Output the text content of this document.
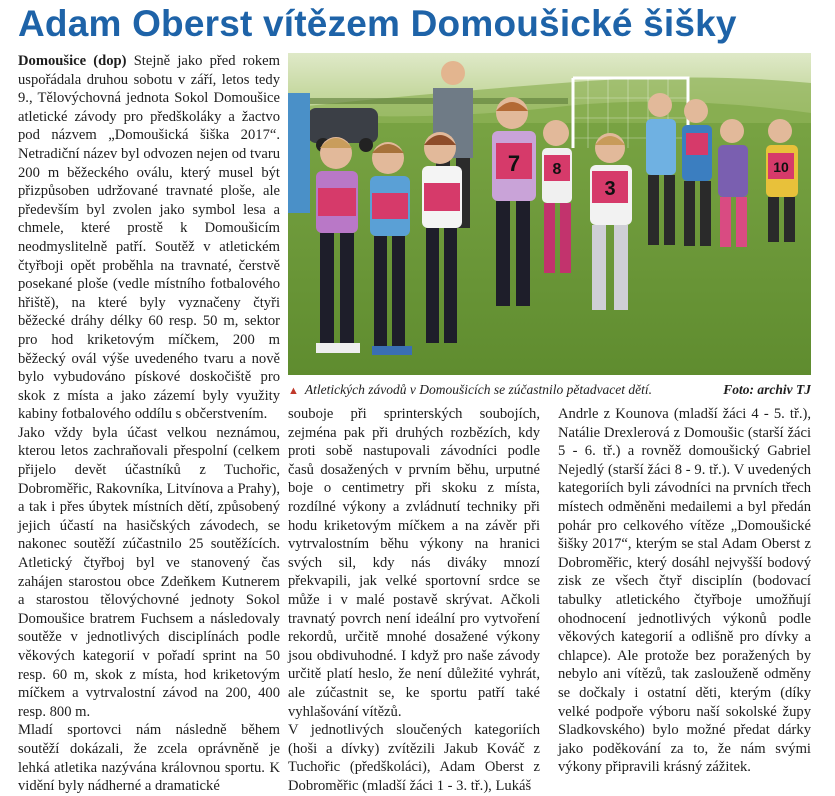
Adam Oberst vítězem Domoušické šišky

Domoušice (dop) Stejně jako před rokem uspořádala druhou sobotu v září, letos tedy 9., Tělovýchovná jednota Sokol Domoušice atletické závody pro předškoláky a žactvo pod názvem „Domoušická šiška 2017“. Netradiční název byl odvozen nejen od tvaru 200 m běžeckého oválu, který musel být přizpůsoben udržované travnaté ploše, ale především byl zvolen jako symbol lesa a chmele, které prostě k Domoušicím neodmyslitelně patří. Soutěž v atletickém čtyřboji opět proběhla na travnaté, čerstvě posekané ploše (vedle místního fotbalového hřiště), na které byly vyznačeny čtyři běžecké dráhy délky 60 resp. 50 m, sektor pro hod kriketovým míčkem, 200 m běžecký ovál výše uvedeného tvaru a nově bylo vybudováno pískové doskočiště pro skok z místa a jako zázemí byly využity kabiny fotbalového oddílu s občerstvením.

Jako vždy byla účast velkou neznámou, kterou letos zachraňovali přespolní (celkem přijelo devět účastníků z Tuchořic, Dobroměřic, Rakovníka, Litvínova a Prahy), a tak i přes úbytek místních dětí, způsobený jejich účastí na hasičských závodech, se nakonec soutěží zúčastnilo 25 soutěžících. Atletický čtyřboj byl ve stanovený čas zahájen starostou obce Zdeňkem Kutnerem a starostou tělovýchovné jednoty Sokol Domoušice bratrem Fuchsem a následovaly soutěže v jednotlivých disciplínách podle věkových kategorií v pořadí sprint na 50 resp. 60 m, skok z místa, hod kriketovým míčkem a vytrvalostní závod na 200, 400 resp. 800 m.

Mladí sportovci nám následně během soutěží dokázali, že zcela oprávněně je lehká atletika nazývána královnou sportu. K vidění byly nádherné a dramatické

7
3
10
8
▲ Atletických závodů v Domoušicích se zúčastnilo pětadvacet dětí.	Foto: archiv TJ

souboje při sprinterských soubojích, zejména pak při druhých rozbězích, kdy proti sobě nastupovali závodníci podle časů dosažených v prvním běhu, urputné boje o centimetry při skoku z místa, rozdílné výkony a zvládnutí techniky při hodu kriketovým míčkem a na závěr při vytrvalostním běhu výkony na hranici svých sil, kdy nás diváky mnozí překvapili, jak velké sportovní srdce se může i v malé postavě skrývat. Ačkoli travnatý povrch není ideální pro vytvoření rekordů, určitě mnohé dosažené výkony jsou obdivuhodné. I když pro naše závody určitě platí heslo, že není důležité vyhrát, ale zúčastnit se, ke sportu patří také vyhlašování vítězů.

V jednotlivých sloučených kategoriích (hoši a dívky) zvítězili Jakub Kováč z Tuchořic (předškoláci), Adam Oberst z Dobroměřic (mladší žáci 1 - 3. tř.), Lukáš

Andrle z Kounova (mladší žáci 4 - 5. tř.), Natálie Drexlerová z Domoušic (starší žáci 5 - 6. tř.) a rovněž domoušický Gabriel Nejedlý (starší žáci 8 - 9. tř.). V uvedených kategoriích byli závodníci na prvních třech místech odměněni medailemi a byl předán pohár pro celkového vítěze „Domoušické šišky 2017“, kterým se stal Adam Oberst z Dobroměřic, který dosáhl nejvyšší bodový zisk ze všech čtyř disciplín (bodovací tabulky atletického čtyřboje umožňují ohodnocení jednotlivých výkonů podle věkových kategorií a odlišně pro dívky a chlapce). Ale protože bez poražených by nebylo ani vítězů, tak zaslouženě odměny se dočkaly i ostatní děti, kterým (díky velké podpoře výboru naší sokolské župy Sladkovského) bylo možné předat dárky jako poděkování za to, že nám svými výkony připravili krásný zážitek.
